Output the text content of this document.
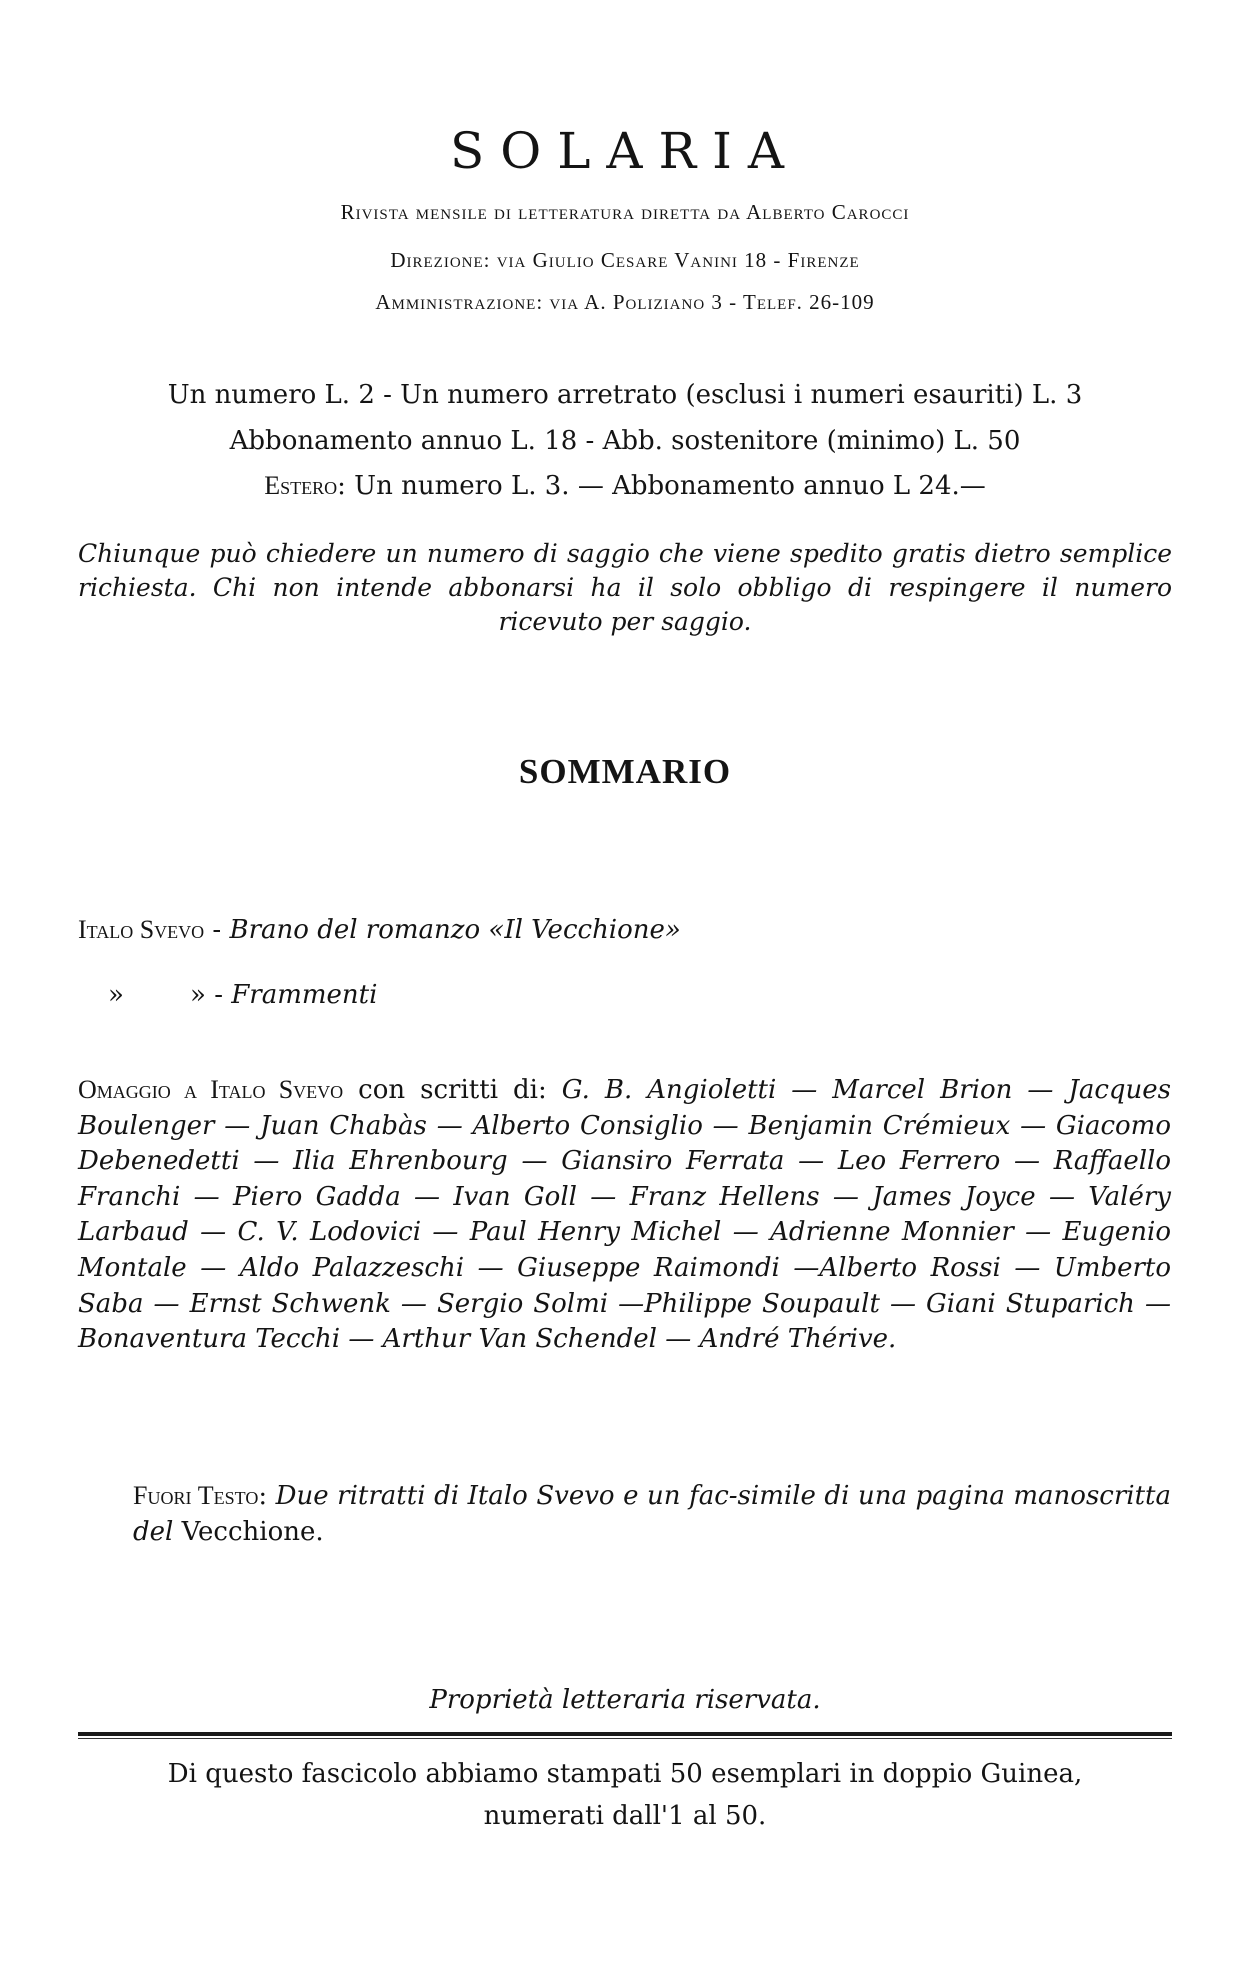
SOLARIA
Rivista mensile di letteratura diretta da Alberto Carocci
Direzione: via Giulio Cesare Vanini 18 - Firenze
Amministrazione: via A. Poliziano 3 - Telef. 26-109
Un numero L. 2 - Un numero arretrato (esclusi i numeri esauriti) L. 3
Abbonamento annuo L. 18 - Abb. sostenitore (minimo) L. 50
Estero: Un numero L. 3. — Abbonamento annuo L 24.—

Chiunque può chiedere un numero di saggio che viene spedito gratis dietro semplice richiesta. Chi non intende abbonarsi ha il solo obbligo di respingere il numero ricevuto per saggio.

SOMMARIO
Italo Svevo - Brano del romanzo «Il Vecchione»
»        » - Frammenti

Omaggio a Italo Svevo con scritti di: G. B. Angioletti — Marcel Brion — Jacques Boulenger — Juan Chabàs — Alberto Consiglio — Benjamin Crémieux — Giacomo Debenedetti — Ilia Ehrenbourg — Giansiro Ferrata — Leo Ferrero — Raffaello Franchi — Piero Gadda — Ivan Goll — Franz Hellens — James Joyce — Valéry Larbaud — C. V. Lodovici — Paul Henry Michel — Adrienne Monnier — Eugenio Montale — Aldo Palazzeschi — Giuseppe Raimondi —Alberto Rossi — Umberto Saba — Ernst Schwenk — Sergio Solmi —Philippe Soupault — Giani Stuparich — Bonaventura Tecchi — Arthur Van Schendel — André Thérive.

Fuori Testo: Due ritratti di Italo Svevo e un fac-simile di una pagina manoscritta del Vecchione.

Proprietà letteraria riservata.
Di questo fascicolo abbiamo stampati 50 esemplari in doppio Guinea,
numerati dall'1 al 50.
